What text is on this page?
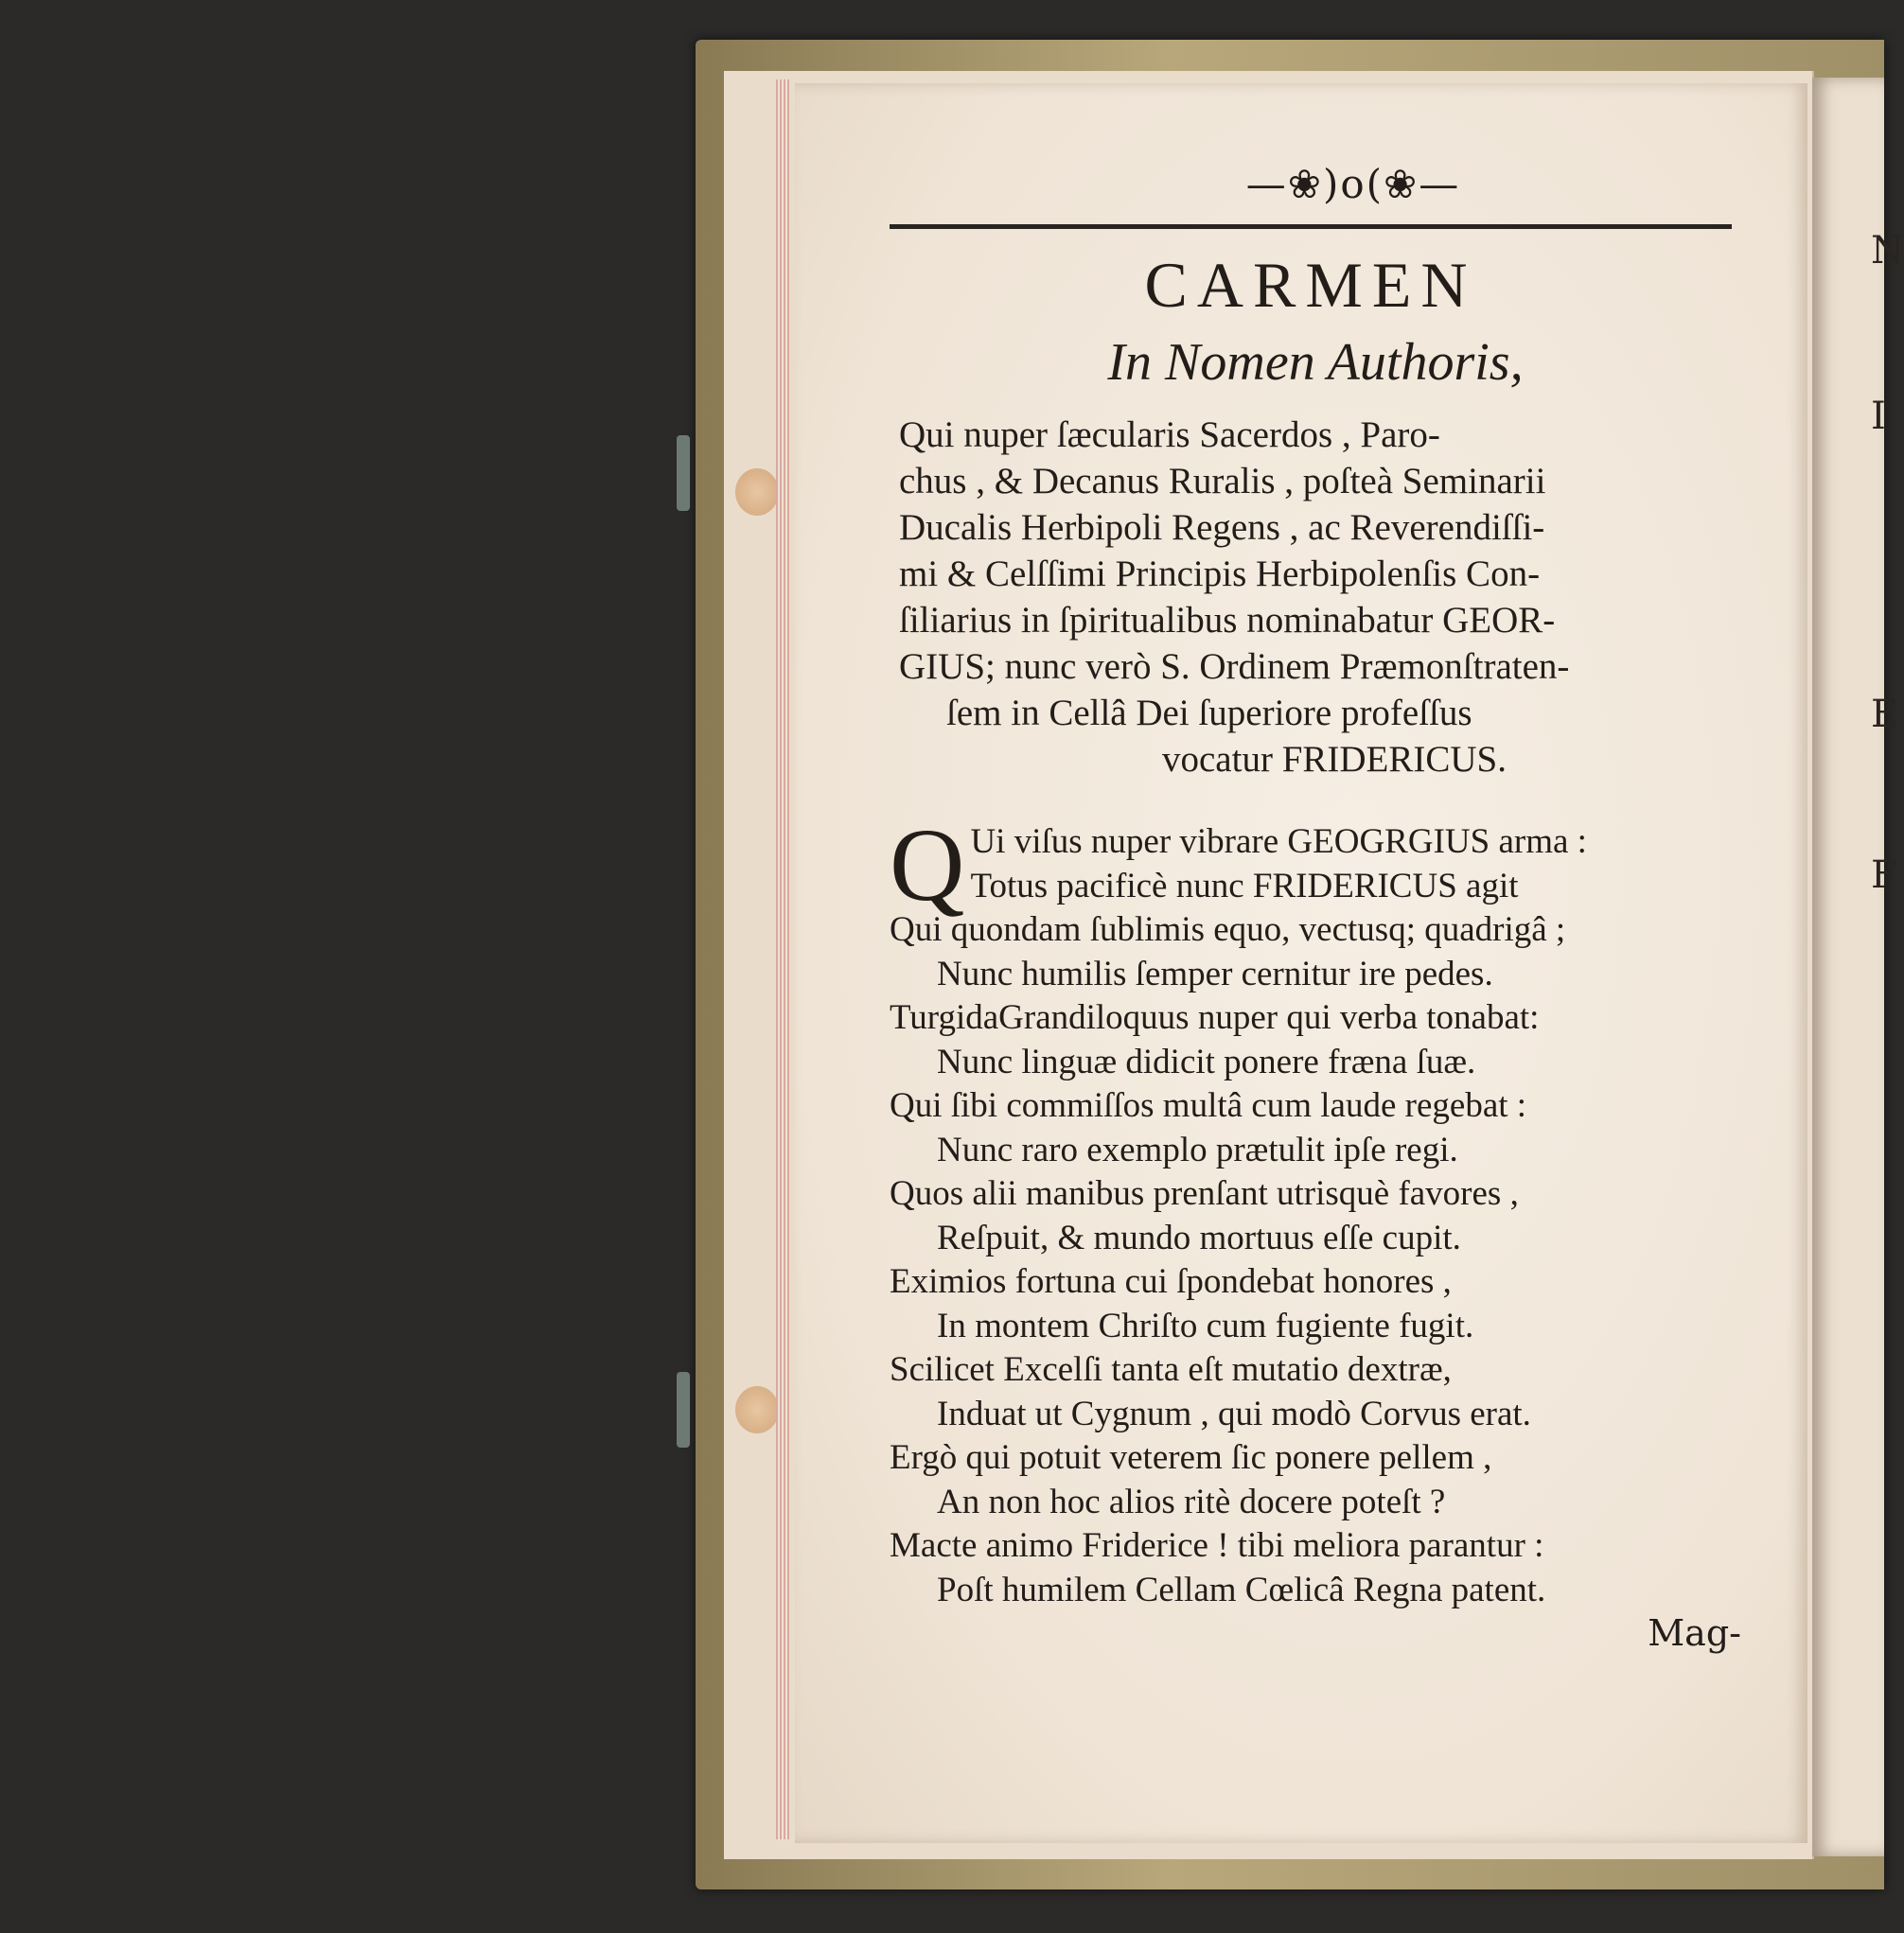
N
I
E
F
—❀)o(❀—
CARMEN
In Nomen Authoris,
Qui nuper ſæcularis Sacerdos , Paro-
chus , & Decanus Ruralis , poſteà Seminarii
Ducalis Herbipoli Regens , ac Reverendiſſi-
mi & Celſſimi Principis Herbipolenſis Con-
ſiliarius in ſpiritualibus nominabatur GEOR-
GIUS; nunc verò S. Ordinem Præmonſtraten-
ſem in Cellâ Dei ſuperiore profeſſus
vocatur FRIDERICUS.
Q Ui viſus nuper vibrare GEOGRGIUS arma :
Totus pacificè nunc FRIDERICUS agit
Qui quondam ſublimis equo, vectusq; quadrigâ ;
Nunc humilis ſemper cernitur ire pedes.
TurgidaGrandiloquus nuper qui verba tonabat:
Nunc linguæ didicit ponere fræna ſuæ.
Qui ſibi commiſſos multâ cum laude regebat :
Nunc raro exemplo prætulit ipſe regi.
Quos alii manibus prenſant utrisquè favores ,
Reſpuit, & mundo mortuus eſſe cupit.
Eximios fortuna cui ſpondebat honores ,
In montem Chriſto cum fugiente fugit.
Scilicet Excelſi tanta eſt mutatio dextræ,
Induat ut Cygnum , qui modò Corvus erat.
Ergò qui potuit veterem ſic ponere pellem ,
An non hoc alios ritè docere poteſt ?
Macte animo Friderice ! tibi meliora parantur :
Poſt humilem Cellam Cœlicâ Regna patent.
Mag-
